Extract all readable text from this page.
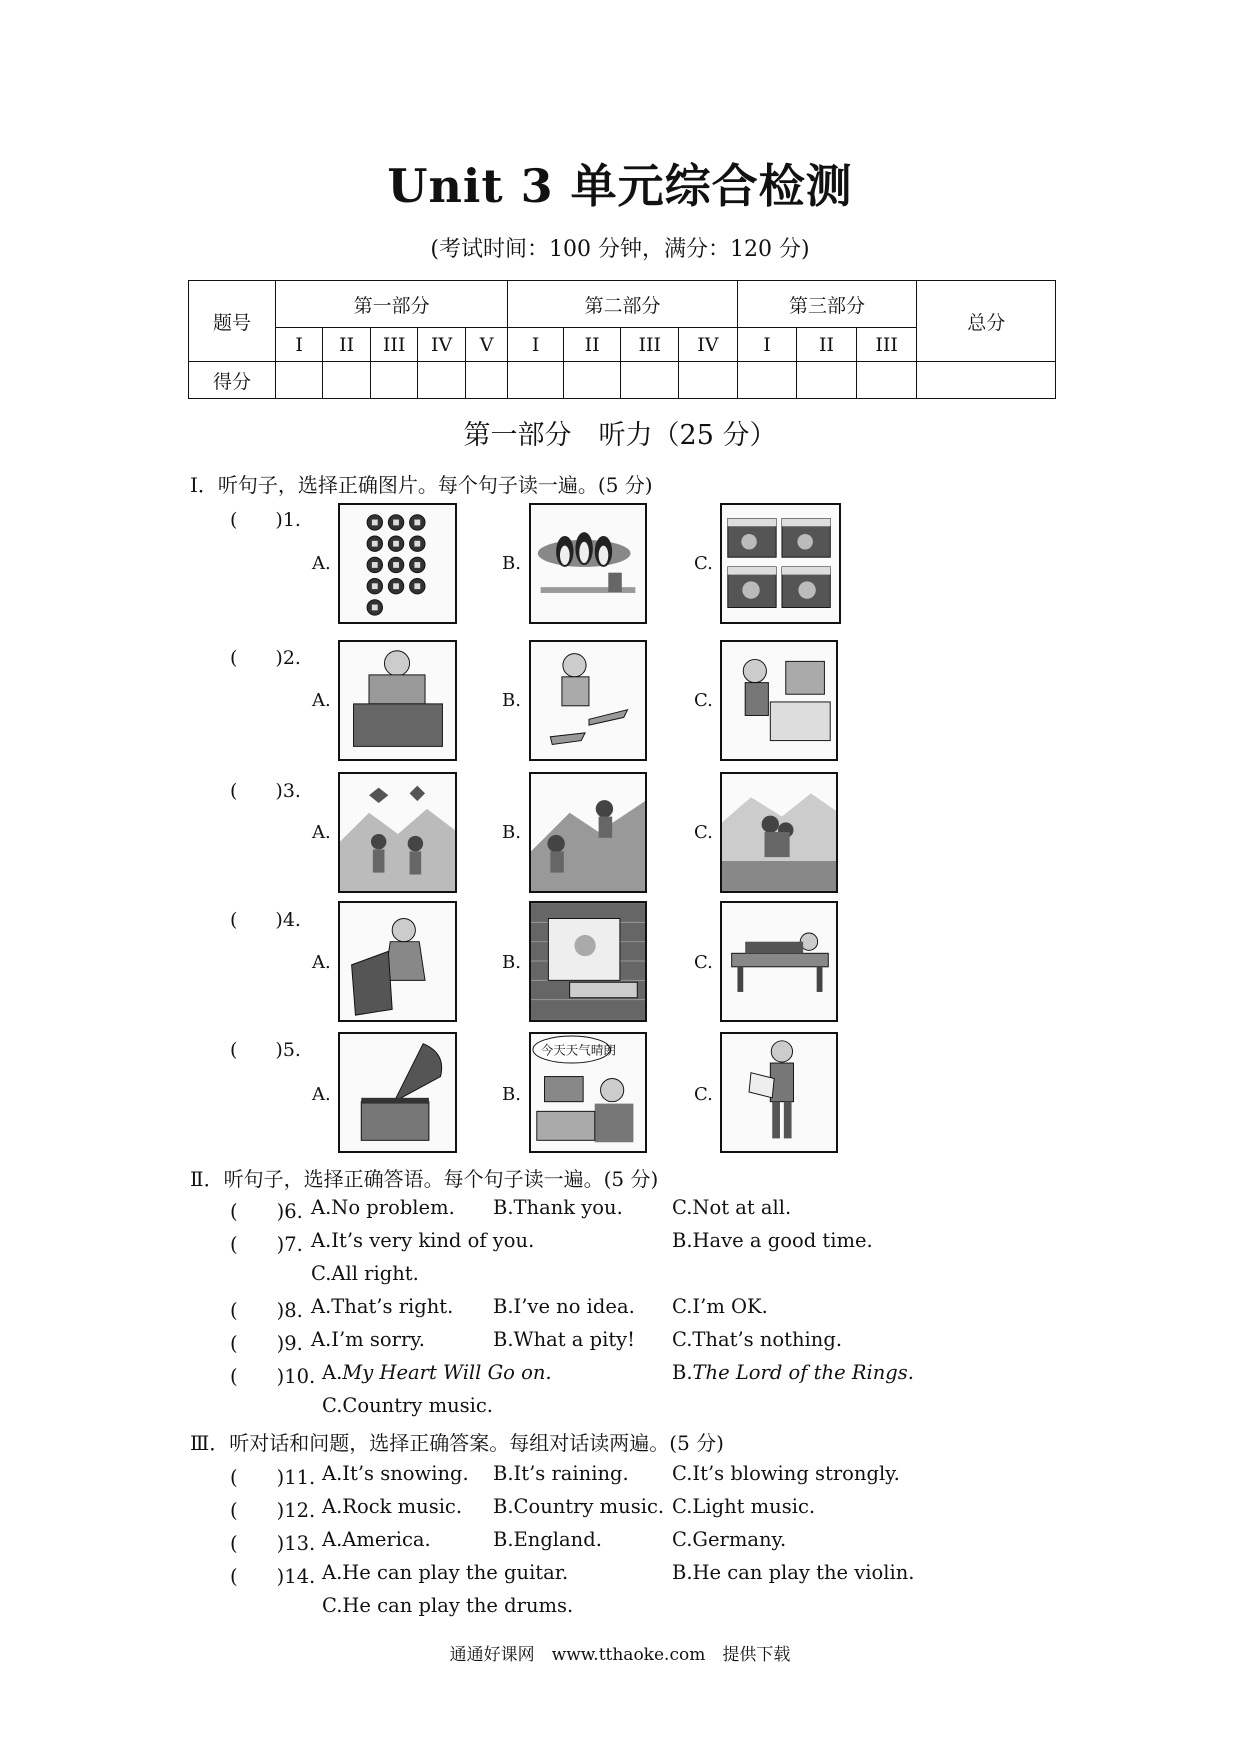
Unit 3 单元综合检测
(考试时间：100 分钟，满分：120 分)
题号	第一部分					第二部分				第三部分			总分
	I	II	III	IV	V	I	II	III	IV	I	II	III	
得分													
第一部分　听力（25 分）
Ⅰ．听句子，选择正确图片。每个句子读一遍。(5 分)
(　　)1.
A.	B.	C.
(　　)2.
A.	B.	C.
(　　)3.
A.	B.	C.
(　　)4.
A.	B.	C.
(　　)5.
A.	B.	C.
今天天气晴朗
Ⅱ．听句子，选择正确答语。每个句子读一遍。(5 分)
(　　)6. A.No problem. B.Thank you.	C.Not at all.
(　　)7. A.It’s very kind of you.	B.Have a good time.
C.All right.
(　　)8. A.That’s right. B.I’ve no idea. C.I’m OK.
(　　)9. A.I’m sorry.	B.What a pity! C.That’s nothing.
(　　)10. A.My Heart Will Go on.	B.The Lord of the Rings.
C.Country music.
Ⅲ．听对话和问题，选择正确答案。每组对话读两遍。(5 分)
(　　)11. A.It’s snowing. B.It’s raining. C.It’s blowing strongly.
(　　)12. A.Rock music. B.Country music. C.Light music.
(　　)13. A.America.	B.England.	C.Germany.
(　　)14. A.He can play the guitar.	B.He can play the violin.
C.He can play the drums.
通通好课网　www.tthaoke.com　提供下载
